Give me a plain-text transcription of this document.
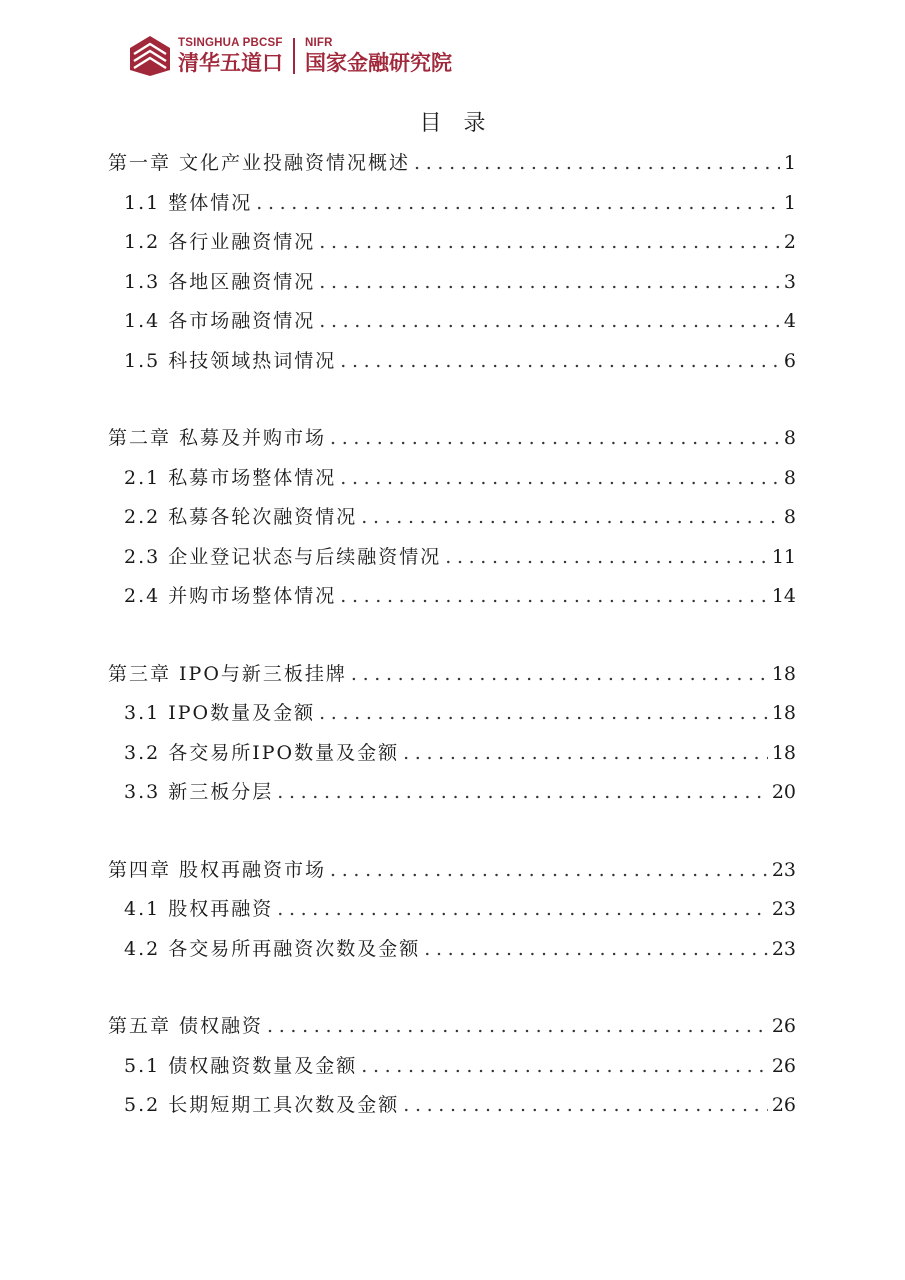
TSINGHUA PBCSF
清华五道口
NIFR
国家金融研究院
目录
第一章 文化产业投融资情况概述 . . .	1
1.1 整体情况 . . .	1
1.2 各行业融资情况 . . .	2
1.3 各地区融资情况 . . .	3
1.4 各市场融资情况 . . .	4
1.5 科技领域热词情况 . . .	6
第二章 私募及并购市场 . . .	8
2.1 私募市场整体情况 . . .	8
2.2 私募各轮次融资情况 . . .	8
2.3 企业登记状态与后续融资情况 . . .	11
2.4 并购市场整体情况 . . .	14
第三章 IPO与新三板挂牌 . . .	18
3.1 IPO数量及金额 . . .	18
3.2 各交易所IPO数量及金额 . . .	18
3.3 新三板分层 . . .	20
第四章 股权再融资市场 . . .	23
4.1 股权再融资 . . .	23
4.2 各交易所再融资次数及金额 . . .	23
第五章 债权融资 . . .	26
5.1 债权融资数量及金额 . . .	26
5.2 长期短期工具次数及金额 . . .	26
